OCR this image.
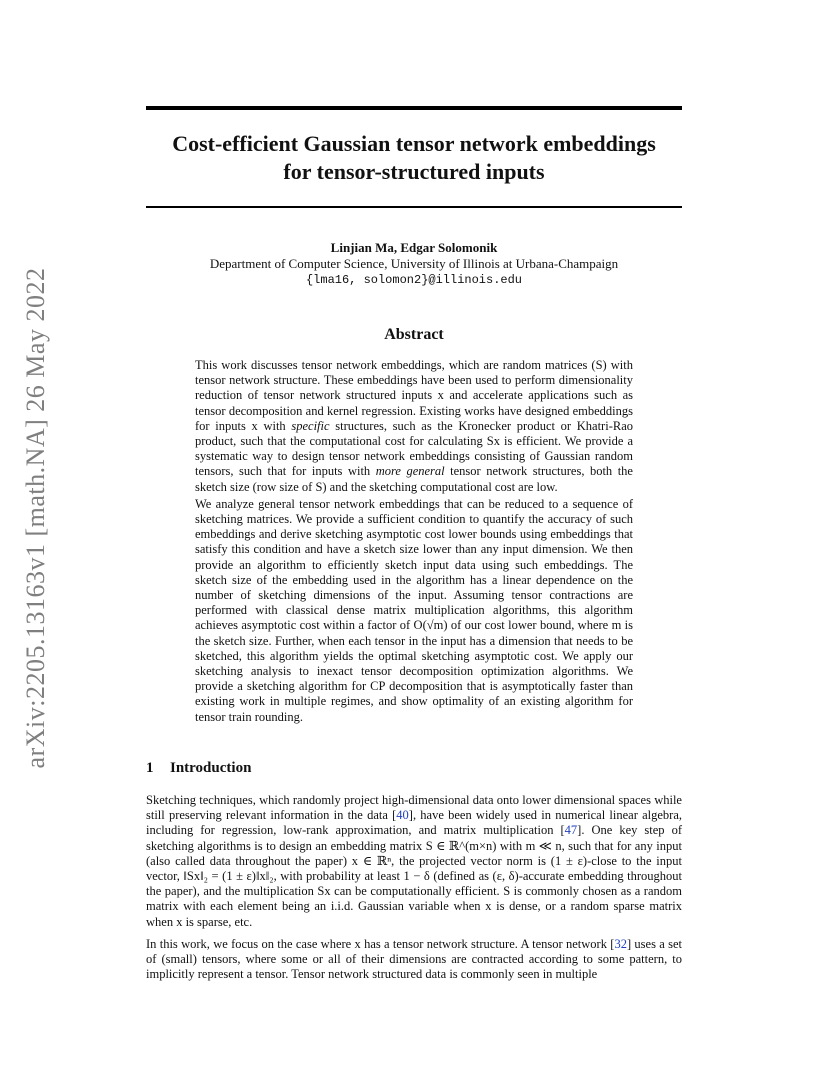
arXiv:2205.13163v1 [math.NA] 26 May 2022
Cost-efficient Gaussian tensor network embeddings
for tensor-structured inputs
Linjian Ma, Edgar Solomonik
Department of Computer Science, University of Illinois at Urbana-Champaign
{lma16, solomon2}@illinois.edu
Abstract

This work discusses tensor network embeddings, which are random matrices (S) with tensor network structure. These embeddings have been used to perform dimensionality reduction of tensor network structured inputs x and accelerate applications such as tensor decomposition and kernel regression. Existing works have designed embeddings for inputs x with specific structures, such as the Kronecker product or Khatri-Rao product, such that the computational cost for calculating Sx is efficient. We provide a systematic way to design tensor network embeddings consisting of Gaussian random tensors, such that for inputs with more general tensor network structures, both the sketch size (row size of S) and the sketching computational cost are low.

We analyze general tensor network embeddings that can be reduced to a sequence of sketching matrices. We provide a sufficient condition to quantify the accuracy of such embeddings and derive sketching asymptotic cost lower bounds using embeddings that satisfy this condition and have a sketch size lower than any input dimension. We then provide an algorithm to efficiently sketch input data using such embeddings. The sketch size of the embedding used in the algorithm has a linear dependence on the number of sketching dimensions of the input. Assuming tensor contractions are performed with classical dense matrix multiplication algorithms, this algorithm achieves asymptotic cost within a factor of O(√m) of our cost lower bound, where m is the sketch size. Further, when each tensor in the input has a dimension that needs to be sketched, this algorithm yields the optimal sketching asymptotic cost. We apply our sketching analysis to inexact tensor decomposition optimization algorithms. We provide a sketching algorithm for CP decomposition that is asymptotically faster than existing work in multiple regimes, and show optimality of an existing algorithm for tensor train rounding.

1 Introduction

Sketching techniques, which randomly project high-dimensional data onto lower dimensional spaces while still preserving relevant information in the data [40], have been widely used in numerical linear algebra, including for regression, low-rank approximation, and matrix multiplication [47]. One key step of sketching algorithms is to design an embedding matrix S ∈ ℝ^(m×n) with m ≪ n, such that for any input (also called data throughout the paper) x ∈ ℝⁿ, the projected vector norm is (1 ± ε)-close to the input vector, ‖Sx‖₂ = (1 ± ε)‖x‖₂, with probability at least 1 − δ (defined as (ε, δ)-accurate embedding throughout the paper), and the multiplication Sx can be computationally efficient. S is commonly chosen as a random matrix with each element being an i.i.d. Gaussian variable when x is dense, or a random sparse matrix when x is sparse, etc.

In this work, we focus on the case where x has a tensor network structure. A tensor network [32] uses a set of (small) tensors, where some or all of their dimensions are contracted according to some pattern, to implicitly represent a tensor. Tensor network structured data is commonly seen in multiple
